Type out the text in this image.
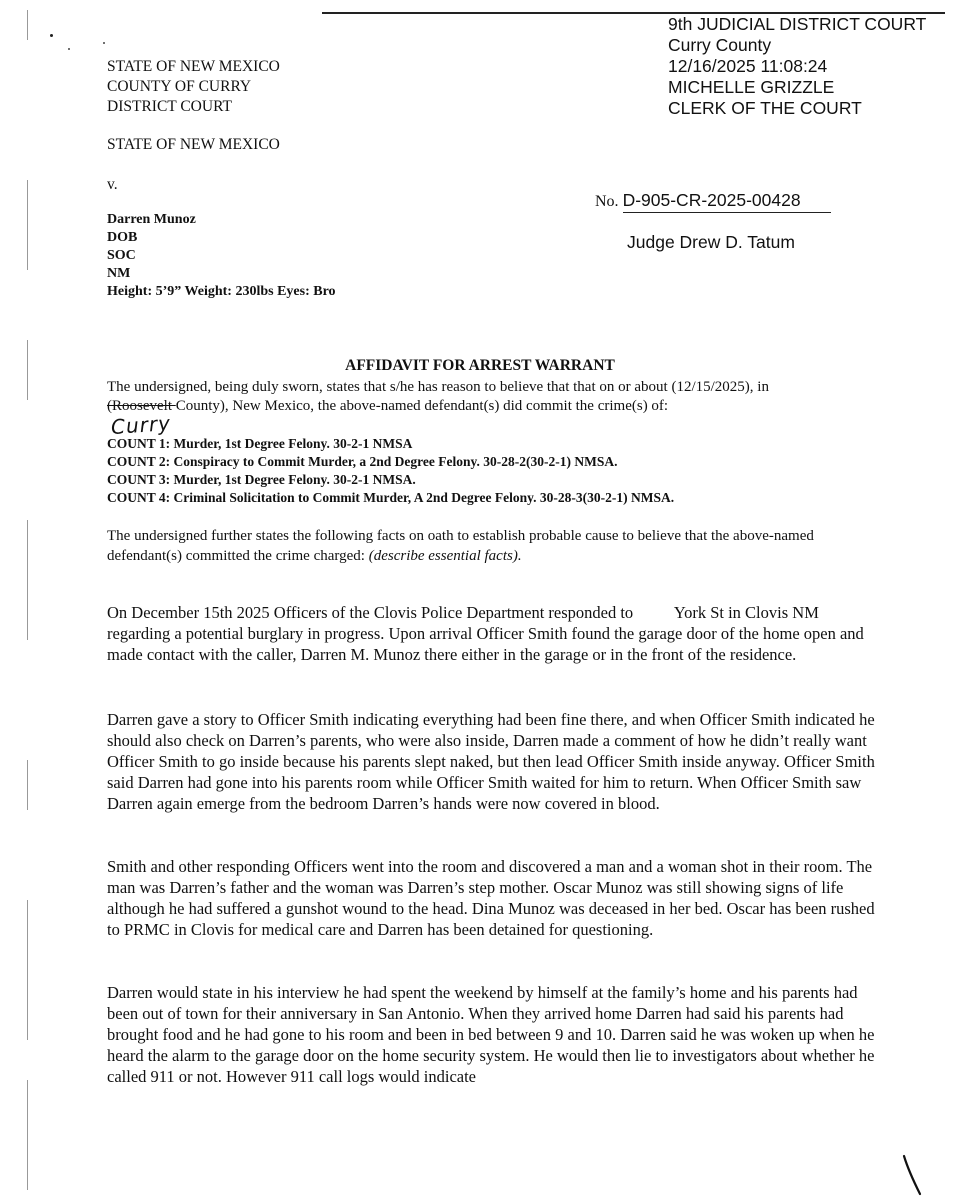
9th JUDICIAL DISTRICT COURT
Curry County
12/16/2025 11:08:24
MICHELLE GRIZZLE
CLERK OF THE COURT
STATE OF NEW MEXICO
COUNTY OF CURRY
DISTRICT COURT
STATE OF NEW MEXICO
v.
Darren Munoz
DOB
SOC
NM
Height: 5’9” Weight: 230lbs Eyes: Bro
No. D-905-CR-2025-00428
Judge Drew D. Tatum
AFFIDAVIT FOR ARREST WARRANT
The undersigned, being duly sworn, states that s/he has reason to believe that that on or about (12/15/2025), in
(Roosevelt County), New Mexico, the above-named defendant(s) did commit the crime(s) of:
Curry
COUNT 1: Murder, 1st Degree Felony. 30-2-1 NMSA
COUNT 2: Conspiracy to Commit Murder, a 2nd Degree Felony. 30-28-2(30-2-1) NMSA.
COUNT 3: Murder, 1st Degree Felony. 30-2-1 NMSA.
COUNT 4: Criminal Solicitation to Commit Murder, A 2nd Degree Felony. 30-28-3(30-2-1) NMSA.
The undersigned further states the following facts on oath to establish probable cause to believe that the above-named defendant(s) committed the crime charged: (describe essential facts).
On December 15th 2025 Officers of the Clovis Police Department responded to          York St in Clovis NM regarding a potential burglary in progress. Upon arrival Officer Smith found the garage door of the home open and made contact with the caller, Darren M. Munoz there either in the garage or in the front of the residence.
Darren gave a story to Officer Smith indicating everything had been fine there, and when Officer Smith indicated he should also check on Darren’s parents, who were also inside, Darren made a comment of how he didn’t really want Officer Smith to go inside because his parents slept naked, but then lead Officer Smith inside anyway. Officer Smith said Darren had gone into his parents room while Officer Smith waited for him to return. When Officer Smith saw Darren again emerge from the bedroom Darren’s hands were now covered in blood.
Smith and other responding Officers went into the room and discovered a man and a woman shot in their room. The man was Darren’s father and the woman was Darren’s step mother. Oscar Munoz was still showing signs of life although he had suffered a gunshot wound to the head. Dina Munoz was deceased in her bed. Oscar has been rushed to PRMC in Clovis for medical care and Darren has been detained for questioning.
Darren would state in his interview he had spent the weekend by himself at the family’s home and his parents had been out of town for their anniversary in San Antonio. When they arrived home Darren had said his parents had brought food and he had gone to his room and been in bed between 9 and 10. Darren said he was woken up when he heard the alarm to the garage door on the home security system. He would then lie to investigators about whether he called 911 or not. However 911 call logs would indicate
